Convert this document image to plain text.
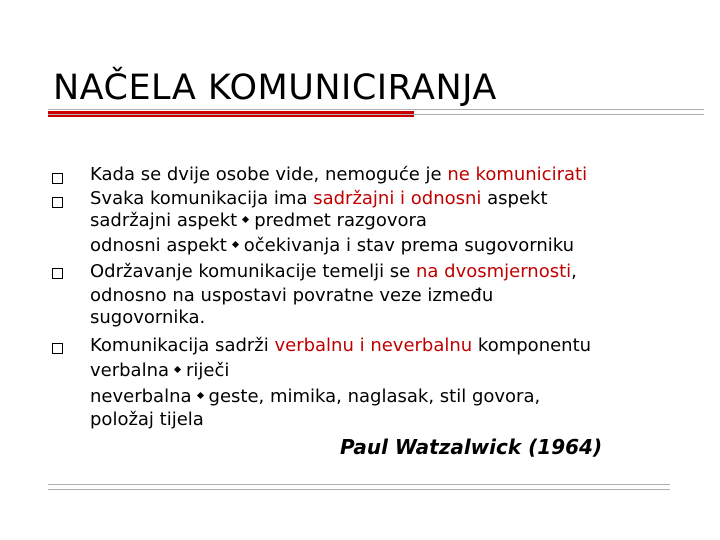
NAČELA KOMUNICIRANJA
Kada se dvije osobe vide, nemoguće je ne komunicirati
Svaka komunikacija ima sadržajni i odnosni aspekt
sadržajni aspekt predmet razgovora
odnosni aspekt očekivanja i stav prema sugovorniku
Održavanje komunikacije temelji se na dvosmjernosti,
odnosno na uspostavi povratne veze između
sugovornika.
Komunikacija sadrži verbalnu i neverbalnu komponentu
verbalna riječi
neverbalna geste, mimika, naglasak, stil govora,
položaj tijela
Paul Watzalwick (1964)
